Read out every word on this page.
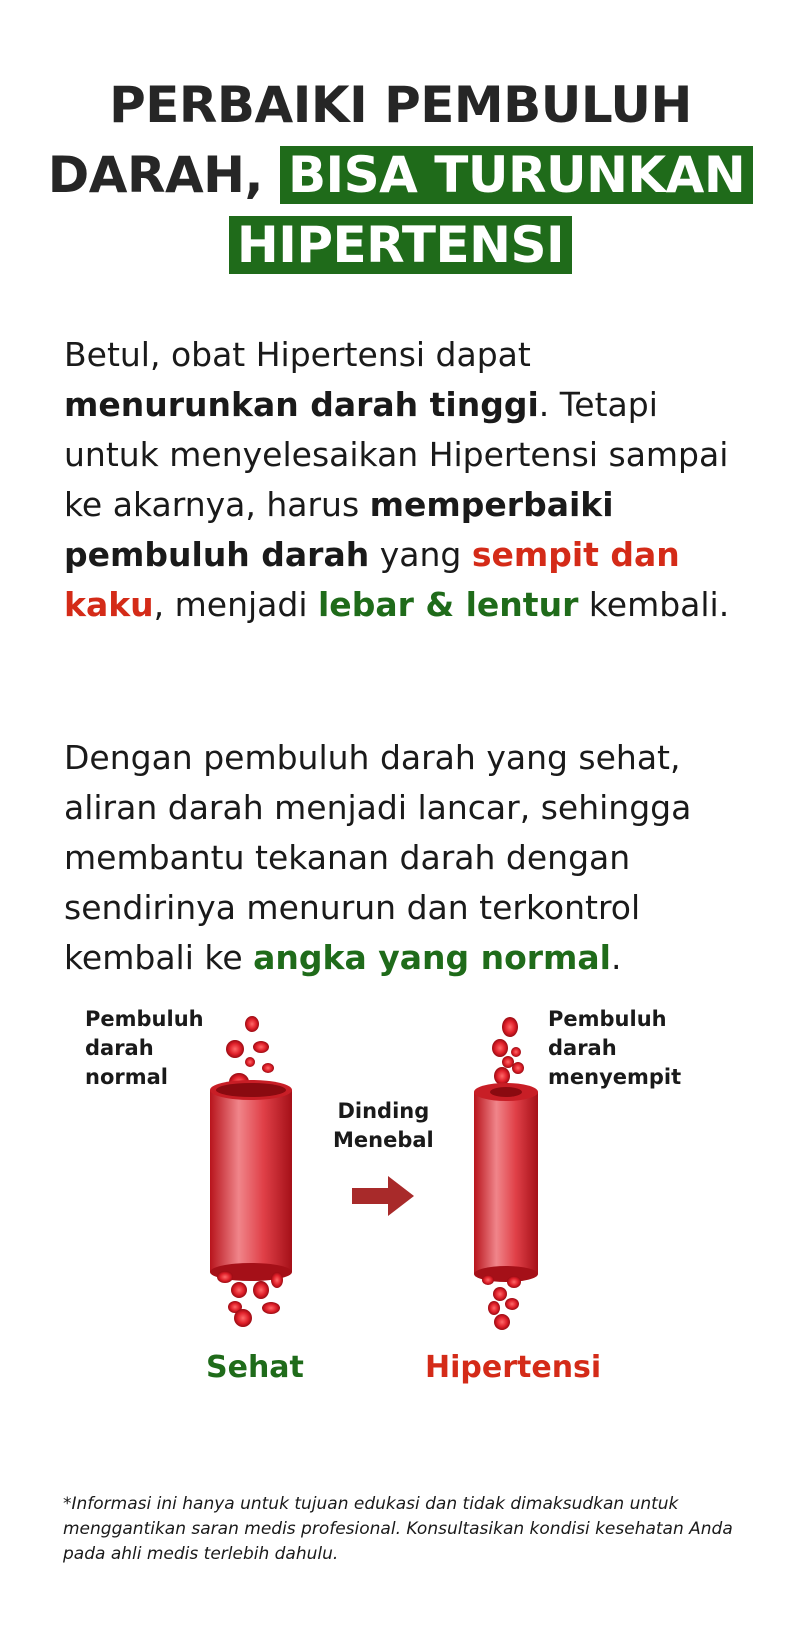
PERBAIKI PEMBULUH
DARAH, BISA TURUNKAN
HIPERTENSI
Betul, obat Hipertensi dapat menurunkan darah tinggi. Tetapi untuk menyelesaikan Hipertensi sampai ke akarnya, harus memperbaiki pembuluh darah yang sempit dan kaku, menjadi lebar & lentur kembali.
Dengan pembuluh darah yang sehat, aliran darah menjadi lancar, sehingga membantu tekanan darah dengan sendirinya menurun dan terkontrol kembali ke angka yang normal.
Pembuluh
darah
normal
Dinding
Menebal
Pembuluh
darah
menyempit
Sehat	Hipertensi
*Informasi ini hanya untuk tujuan edukasi dan tidak dimaksudkan untuk menggantikan saran medis profesional. Konsultasikan kondisi kesehatan Anda pada ahli medis terlebih dahulu.
